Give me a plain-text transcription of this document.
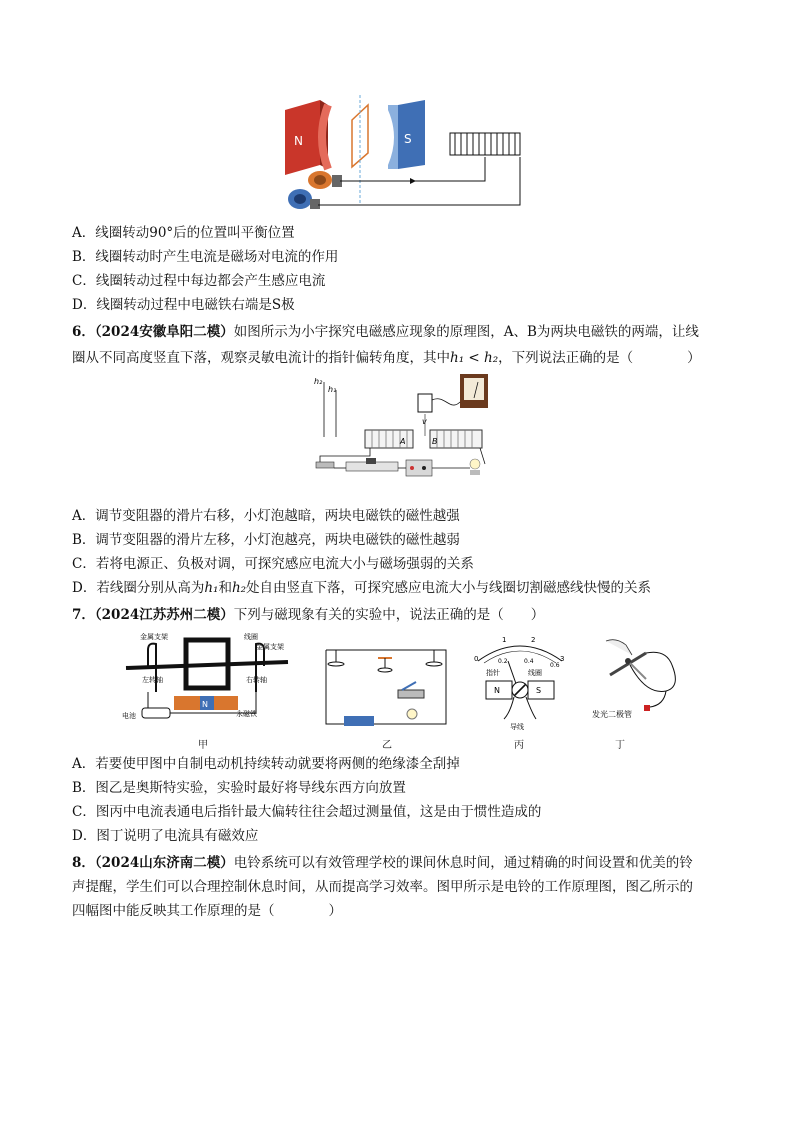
N	S
A．线圈转动90°后的位置叫平衡位置
B．线圈转动时产生电流是磁场对电流的作用
C．线圈转动过程中每边都会产生感应电流
D．线圈转动过程中电磁铁右端是S极
6．（2024安徽阜阳二模）如图所示为小宇探究电磁感应现象的原理图，A、B为两块电磁铁的两端，让线
圈从不同高度竖直下落，观察灵敏电流计的指针偏转角度，其中h₁ < h₂，下列说法正确的是（　　　　）
h₂
h₁
v
A	B
A．调节变阻器的滑片右移，小灯泡越暗，两块电磁铁的磁性越强
B．调节变阻器的滑片左移，小灯泡越亮，两块电磁铁的磁性越弱
C．若将电源正、负极对调，可探究感应电流大小与磁场强弱的关系
D．若线圈分别从高为h₁和h₂处自由竖直下落，可探究感应电流大小与线圈切割磁感线快慢的关系
7．（2024江苏苏州二模）下列与磁现象有关的实验中，说法正确的是（　　）
金属支架	线圈
金属支架
左转轴	右转轴
电池	永磁铁
N
甲	乙
0
1	2
3
0.2	0.4
0.6
指针	线圈
N	S
导线
丙
发光二极管
丁
A．若要使甲图中自制电动机持续转动就要将两侧的绝缘漆全刮掉
B．图乙是奥斯特实验，实验时最好将导线东西方向放置
C．图丙中电流表通电后指针最大偏转往往会超过测量值，这是由于惯性造成的
D．图丁说明了电流具有磁效应
8．（2024山东济南二模）电铃系统可以有效管理学校的课间休息时间，通过精确的时间设置和优美的铃
声提醒，学生们可以合理控制休息时间，从而提高学习效率。图甲所示是电铃的工作原理图，图乙所示的
四幅图中能反映其工作原理的是（　　　　）
